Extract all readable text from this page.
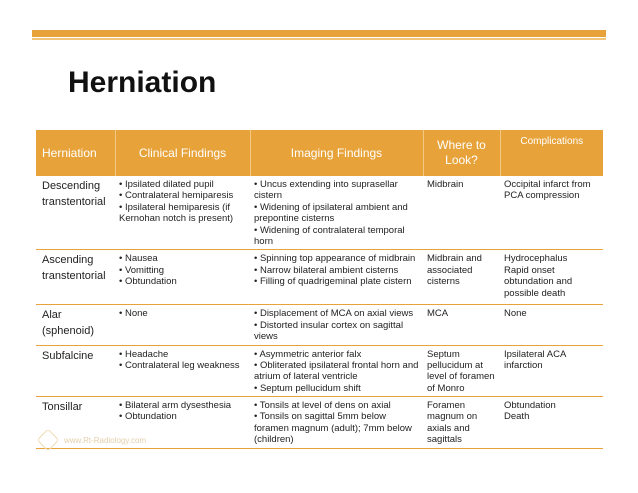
Herniation
Herniation	Clinical Findings	Imaging Findings	Where to Look?	Complications

Descending
transtentorial	• Ipsilated dilated pupil
• Contralateral hemiparesis
• Ipsilateral hemiparesis (if Kernohan notch is present)	• Uncus extending into suprasellar cistern
• Widening of ipsilateral ambient and prepontine cisterns
• Widening of contralateral temporal horn	Midbrain	Occipital infarct from PCA compression

Ascending
transtentorial	• Nausea
• Vomitting
• Obtundation	• Spinning top appearance of midbrain
• Narrow bilateral ambient cisterns
• Filling of quadrigeminal plate cistern	Midbrain and associated cisterns	Hydrocephalus
Rapid onset obtundation and possible death

Alar
(sphenoid)	• None	• Displacement of MCA on axial views
• Distorted insular cortex on sagittal views	MCA	None

Subfalcine	• Headache
• Contralateral leg weakness	• Asymmetric anterior falx
• Obliterated ipsilateral frontal horn and atrium of lateral ventricle
• Septum pellucidum shift	Septum pellucidum at level of foramen of Monro	Ipsilateral ACA infarction

Tonsillar	• Bilateral arm dysesthesia
• Obtundation	• Tonsils at level of dens on axial
• Tonsils on sagittal 5mm below foramen magnum (adult); 7mm below (children)	Foramen magnum on axials and sagittals	Obtundation
Death
www.Rt-Radiology.com
